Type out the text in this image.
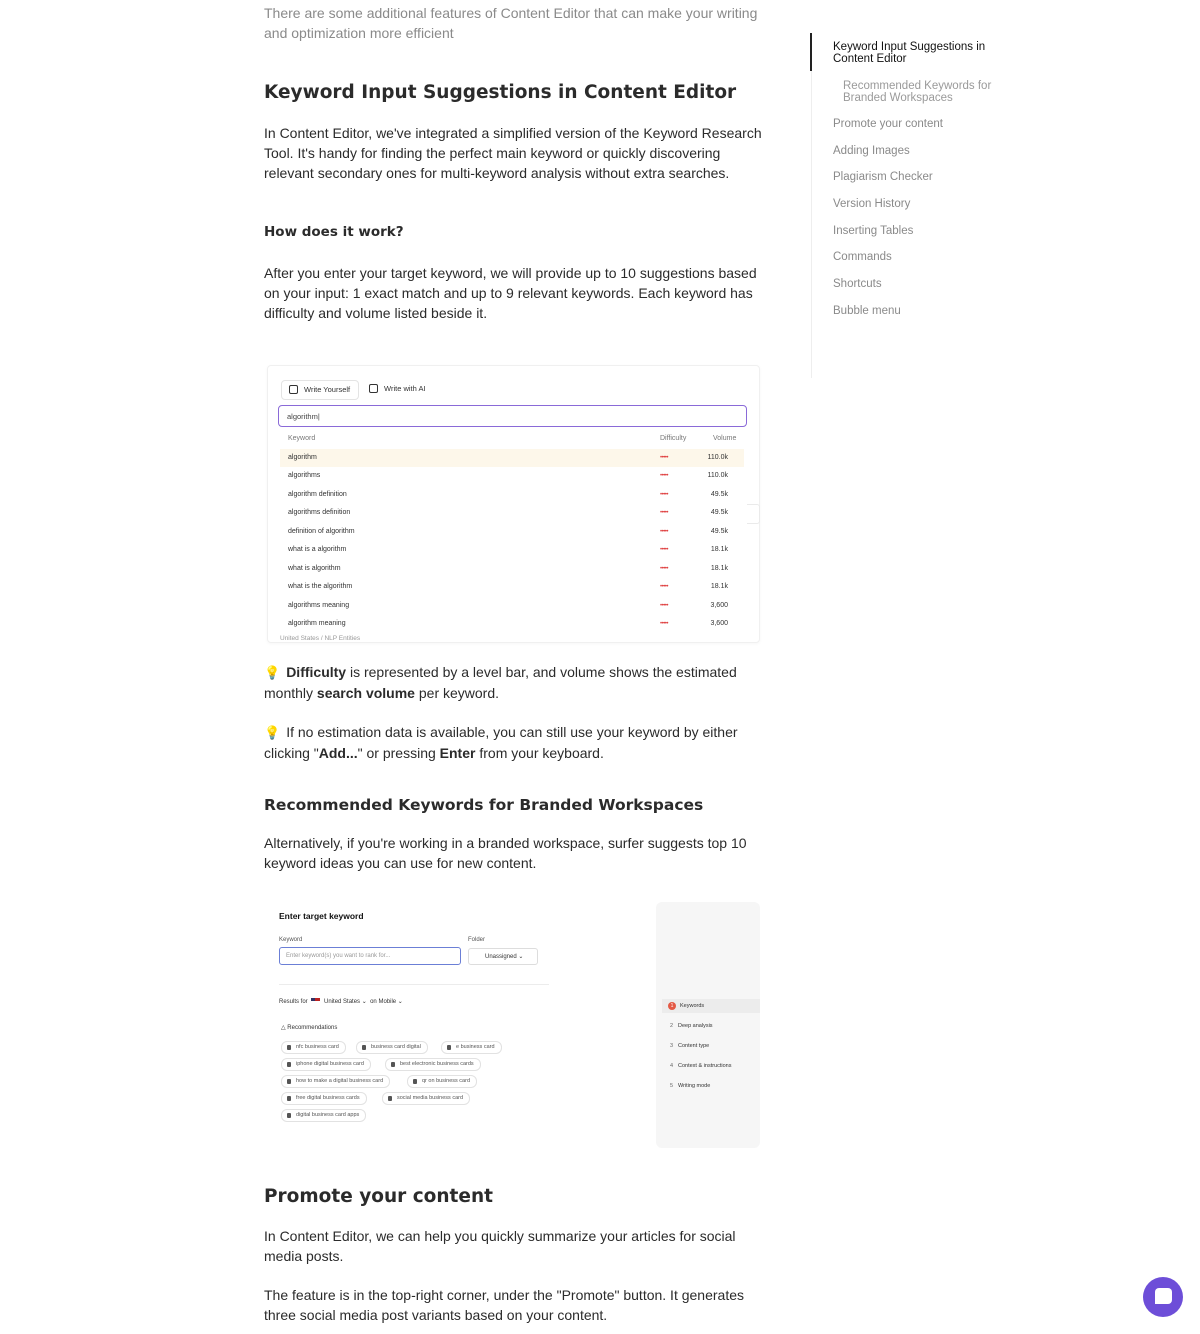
There are some additional features of Content Editor that can make your writing and optimization more efficient
Keyword Input Suggestions in Content Editor
In Content Editor, we've integrated a simplified version of the Keyword Research Tool. It's handy for finding the perfect main keyword or quickly discovering relevant secondary ones for multi-keyword analysis without extra searches.
How does it work?
After you enter your target keyword, we will provide up to 10 suggestions based on your input: 1 exact match and up to 9 relevant keywords. Each keyword has difficulty and volume listed beside it.
Write Yourself	Write with AI
algorithm|
Keyword	Difficulty	Volume
algorithm	•••••	110.0k
algorithms	•••••	110.0k
algorithm definition	•••••	49.5k
algorithms definition	•••••	49.5k
definition of algorithm	•••••	49.5k
what is a algorithm	•••••	18.1k
what is algorithm	•••••	18.1k
what is the algorithm	•••••	18.1k
algorithms meaning	•••••	3,600
algorithm meaning	•••••	3,600
United States / NLP Entities
💡 Difficulty is represented by a level bar, and volume shows the estimated monthly search volume per keyword.
💡 If no estimation data is available, you can still use your keyword by either clicking "Add..." or pressing Enter from your keyboard.
Recommended Keywords for Branded Workspaces
Alternatively, if you're working in a branded workspace, surfer suggests top 10 keyword ideas you can use for new content.
Enter target keyword
Keyword	Folder
Enter keyword(s) you want to rank for...	Unassigned ⌄
Results for	United States ⌄  on Mobile ⌄
△ Recommendations
nfc business card	business card digital	e business card
iphone digital business card	best electronic business cards
how to make a digital business card	qr on business card
free digital business cards	social media business card
digital business card apps
1 Keywords
2 Deep analysis
3 Content type
4 Context & instructions
5 Writing mode
Promote your content
In Content Editor, we can help you quickly summarize your articles for social media posts.
The feature is in the top-right corner, under the "Promote" button. It generates three social media post variants based on your content.
Keyword Input Suggestions in Content Editor
Recommended Keywords for Branded Workspaces
Promote your content
Adding Images
Plagiarism Checker
Version History
Inserting Tables
Commands
Shortcuts
Bubble menu
